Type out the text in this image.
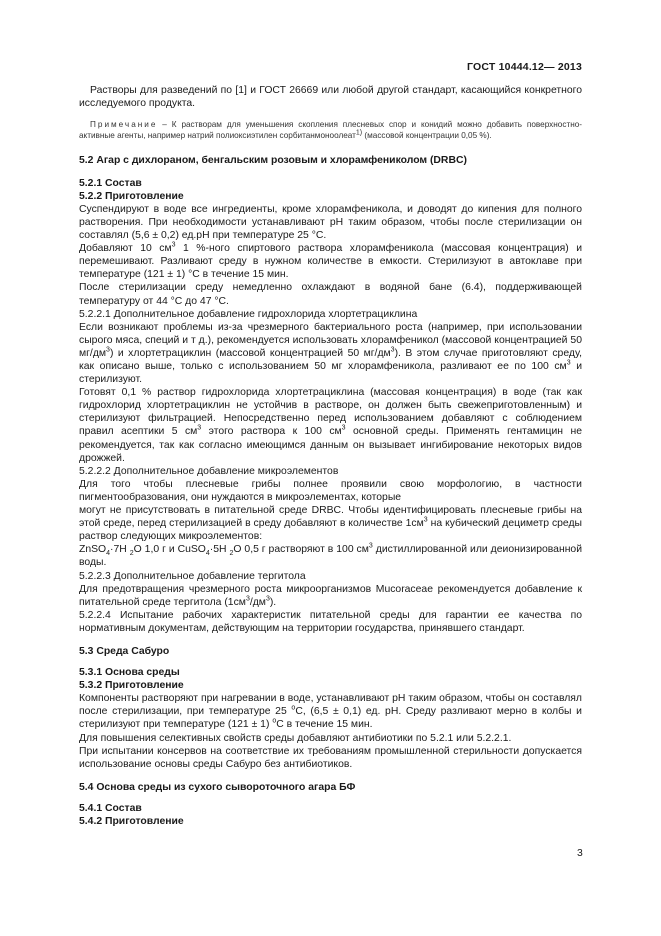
ГОСТ 10444.12— 2013

Растворы для разведений по [1] и ГОСТ 26669 или любой другой стандарт, касающийся конкретного исследуемого продукта.

Примечание – К растворам для уменьшения скопления плесневых спор и конидий можно добавить поверхностно-активные агенты, например натрий полиоксиэтилен сорбитанмоноолеат$^{1)}$ (массовой концентрации 0,05 %).

5.2 Агар с дихлораном, бенгальским розовым и хлорамфениколом (DRBC)

5.2.1 Состав

5.2.2 Приготовление

Суспендируют в воде все ингредиенты, кроме хлорамфеникола, и доводят до кипения для полного растворения. При необходимости устанавливают pH таким образом, чтобы после стерилизации он составлял (5,6 ± 0,2) ед.pH при температуре 25 °C.

Добавляют 10 $см^3$ 1 %-ного спиртового раствора хлорамфеникола (массовая концентрация) и перемешивают. Разливают среду в нужном количестве в емкости. Стерилизуют в автоклаве при температуре (121 ± 1) °C в течение 15 мин.

После стерилизации среду немедленно охлаждают в водяной бане (6.4), поддерживающей температуру от 44 °C до 47 °C.

5.2.2.1 Дополнительное добавление гидрохлорида хлортетрациклина

Если возникают проблемы из-за чрезмерного бактериального роста (например, при использовании сырого мяса, специй и т д.), рекомендуется использовать хлорамфеникол (массовой концентрацией 50 $мг/дм^3$) и хлортетрациклин (массовой концентрацией 50 $мг/дм^3$). В этом случае приготовляют среду, как описано выше, только с использованием 50 мг хлорамфеникола, разливают ее по 100 $см^3$ и стерилизуют.

Готовят 0,1 % раствор гидрохлорида хлортетрациклина (массовая концентрация) в воде (так как гидрохлорид хлортетрациклин не устойчив в растворе, он должен быть свежеприготовленным) и стерилизуют фильтрацией. Непосредственно перед использованием добавляют с соблюдением правил асептики 5 $см^3$ этого раствора к 100 $см^3$ основной среды. Применять гентамицин не рекомендуется, так как согласно имеющимся данным он вызывает ингибирование некоторых видов дрожжей.

5.2.2.2 Дополнительное добавление микроэлементов

Для того чтобы плесневые грибы полнее проявили свою морфологию, в частности пигментообразования, они нуждаются в микроэлементах, которые

могут не присутствовать в питательной среде DRBC. Чтобы идентифицировать плесневые грибы на этой среде, перед стерилизацией в среду добавляют в количестве $1см^3$ на кубический дециметр среды раствор следующих микроэлементов:

ZnSO$_4$·7H $_2$O 1,0 г и CuSO$_4$·5H $_2$O 0,5 г растворяют в 100 $см^3$ дистиллированной или деионизированной воды.

5.2.2.3 Дополнительное добавление тергитола

Для предотвращения чрезмерного роста микроорганизмов Mucoraceae рекомендуется добавление к питательной среде тергитола $(1см^3/дм^3)$.

5.2.2.4 Испытание рабочих характеристик питательной среды для гарантии ее качества по нормативным документам, действующим на территории государства, принявшего стандарт.

5.3 Среда Сабуро

5.3.1 Основа среды

5.3.2 Приготовление

Компоненты растворяют при нагревании в воде, устанавливают pH таким образом, чтобы он составлял после стерилизации, при температуре 25 $^o$C, (6,5 ± 0,1) ед. pH. Среду разливают мерно в колбы и стерилизуют при температуре (121 ± 1) $^o$C в течение 15 мин.

Для повышения селективных свойств среды добавляют антибиотики по 5.2.1 или 5.2.2.1.

При испытании консервов на соответствие их требованиям промышленной стерильности допускается использование основы среды Сабуро без антибиотиков.

5.4 Основа среды из сухого сывороточного агара БФ

5.4.1 Состав

5.4.2 Приготовление

3
